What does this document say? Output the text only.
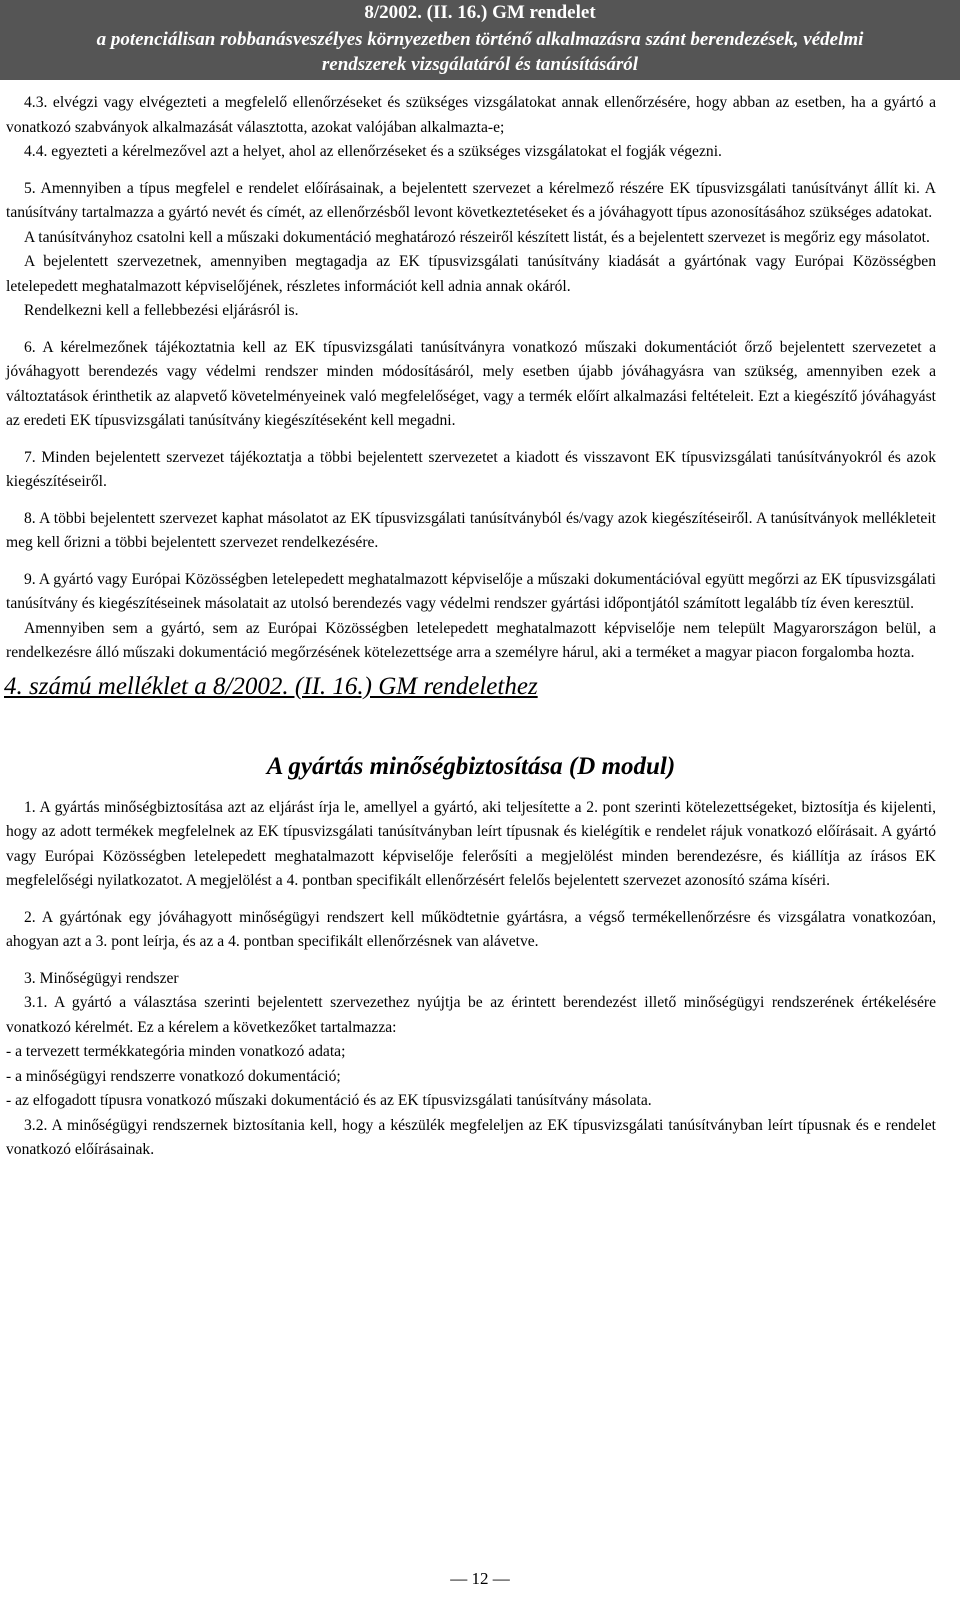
8/2002. (II. 16.) GM rendelet
a potenciálisan robbanásveszélyes környezetben történő alkalmazásra szánt berendezések, védelmi
rendszerek vizsgálatáról és tanúsításáról

4.3. elvégzi vagy elvégezteti a megfelelő ellenőrzéseket és szükséges vizsgálatokat annak ellenőrzésére, hogy abban az esetben, ha a gyártó a vonatkozó szabványok alkalmazását választotta, azokat valójában alkalmazta-e;

4.4. egyezteti a kérelmezővel azt a helyet, ahol az ellenőrzéseket és a szükséges vizsgálatokat el fogják végezni.

5. Amennyiben a típus megfelel e rendelet előírásainak, a bejelentett szervezet a kérelmező részére EK típusvizsgálati tanúsítványt állít ki. A tanúsítvány tartalmazza a gyártó nevét és címét, az ellenőrzésből levont következtetéseket és a jóváhagyott típus azonosításához szükséges adatokat.

A tanúsítványhoz csatolni kell a műszaki dokumentáció meghatározó részeiről készített listát, és a bejelentett szervezet is megőriz egy másolatot.

A bejelentett szervezetnek, amennyiben megtagadja az EK típusvizsgálati tanúsítvány kiadását a gyártónak vagy Európai Közösségben letelepedett meghatalmazott képviselőjének, részletes információt kell adnia annak okáról.

Rendelkezni kell a fellebbezési eljárásról is.

6. A kérelmezőnek tájékoztatnia kell az EK típusvizsgálati tanúsítványra vonatkozó műszaki dokumentációt őrző bejelentett szervezetet a jóváhagyott berendezés vagy védelmi rendszer minden módosításáról, mely esetben újabb jóváhagyásra van szükség, amennyiben ezek a változtatások érinthetik az alapvető követelményeinek való megfelelőséget, vagy a termék előírt alkalmazási feltételeit. Ezt a kiegészítő jóváhagyást az eredeti EK típusvizsgálati tanúsítvány kiegészítéseként kell megadni.

7. Minden bejelentett szervezet tájékoztatja a többi bejelentett szervezetet a kiadott és visszavont EK típusvizsgálati tanúsítványokról és azok kiegészítéseiről.

8. A többi bejelentett szervezet kaphat másolatot az EK típusvizsgálati tanúsítványból és/vagy azok kiegészítéseiről. A tanúsítványok mellékleteit meg kell őrizni a többi bejelentett szervezet rendelkezésére.

9. A gyártó vagy Európai Közösségben letelepedett meghatalmazott képviselője a műszaki dokumentációval együtt megőrzi az EK típusvizsgálati tanúsítvány és kiegészítéseinek másolatait az utolsó berendezés vagy védelmi rendszer gyártási időpontjától számított legalább tíz éven keresztül.

Amennyiben sem a gyártó, sem az Európai Közösségben letelepedett meghatalmazott képviselője nem települt Magyarországon belül, a rendelkezésre álló műszaki dokumentáció megőrzésének kötelezettsége arra a személyre hárul, aki a terméket a magyar piacon forgalomba hozta.

4. számú melléklet a 8/2002. (II. 16.) GM rendelethez
A gyártás minőségbiztosítása (D modul)

1. A gyártás minőségbiztosítása azt az eljárást írja le, amellyel a gyártó, aki teljesítette a 2. pont szerinti kötelezettségeket, biztosítja és kijelenti, hogy az adott termékek megfelelnek az EK típusvizsgálati tanúsítványban leírt típusnak és kielégítik e rendelet rájuk vonatkozó előírásait. A gyártó vagy Európai Közösségben letelepedett meghatalmazott képviselője felerősíti a megjelölést minden berendezésre, és kiállítja az írásos EK megfelelőségi nyilatkozatot. A megjelölést a 4. pontban specifikált ellenőrzésért felelős bejelentett szervezet azonosító száma kíséri.

2. A gyártónak egy jóváhagyott minőségügyi rendszert kell működtetnie gyártásra, a végső termékellenőrzésre és vizsgálatra vonatkozóan, ahogyan azt a 3. pont leírja, és az a 4. pontban specifikált ellenőrzésnek van alávetve.

3. Minőségügyi rendszer

3.1. A gyártó a választása szerinti bejelentett szervezethez nyújtja be az érintett berendezést illető minőségügyi rendszerének értékelésére vonatkozó kérelmét. Ez a kérelem a következőket tartalmazza:

- a tervezett termékkategória minden vonatkozó adata;

- a minőségügyi rendszerre vonatkozó dokumentáció;

- az elfogadott típusra vonatkozó műszaki dokumentáció és az EK típusvizsgálati tanúsítvány másolata.

3.2. A minőségügyi rendszernek biztosítania kell, hogy a készülék megfeleljen az EK típusvizsgálati tanúsítványban leírt típusnak és e rendelet vonatkozó előírásainak.

— 12 —
